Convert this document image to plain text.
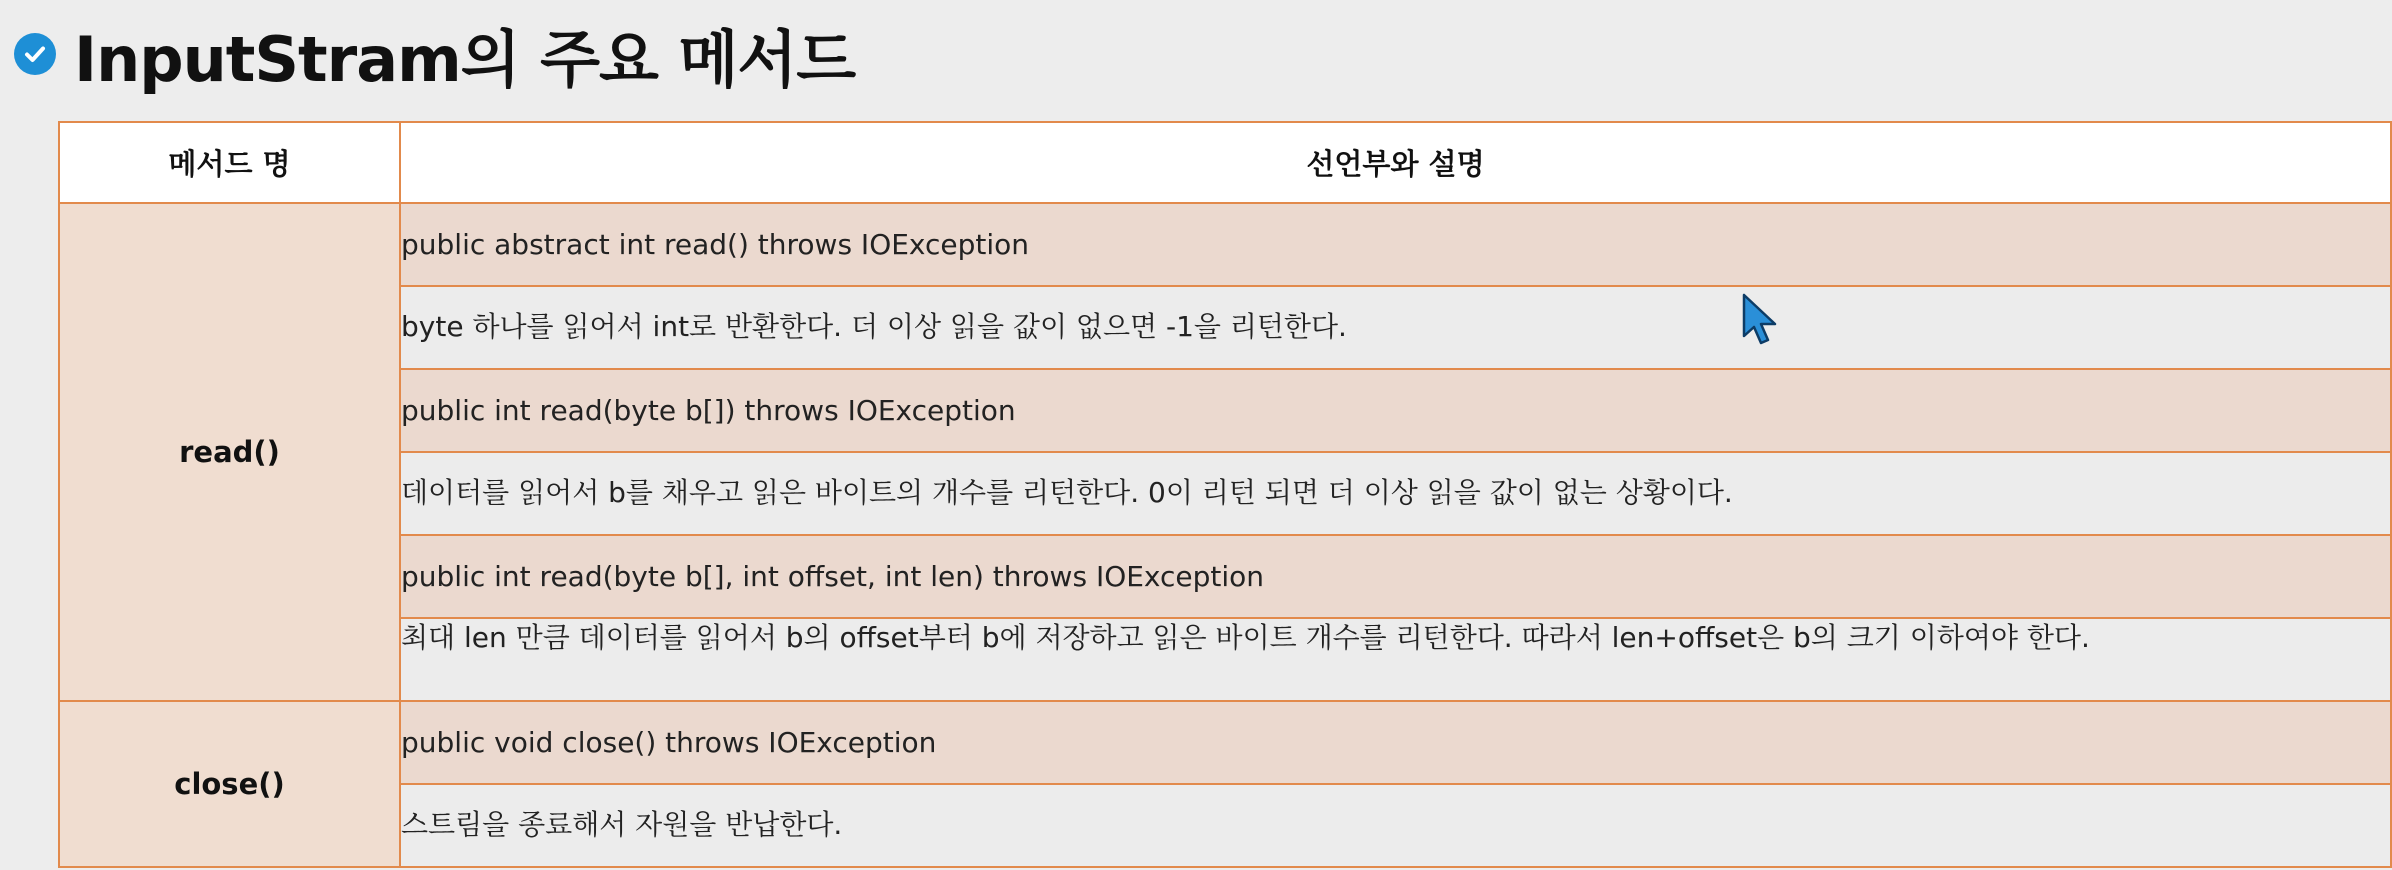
InputStram의 주요 메서드
메서드 명	선언부와 설명
read()	public abstract int read() throws IOException
	byte 하나를 읽어서 int로 반환한다. 더 이상 읽을 값이 없으면 -1을 리턴한다.
	public int read(byte b[]) throws IOException
	데이터를 읽어서 b를 채우고 읽은 바이트의 개수를 리턴한다. 0이 리턴 되면 더 이상 읽을 값이 없는 상황이다.
	public int read(byte b[], int offset, int len) throws IOException
	최대 len 만큼 데이터를 읽어서 b의 offset부터 b에 저장하고 읽은 바이트 개수를 리턴한다. 따라서 len+offset은 b의 크기 이하여야 한다.
close()	public void close() throws IOException
	스트림을 종료해서 자원을 반납한다.
